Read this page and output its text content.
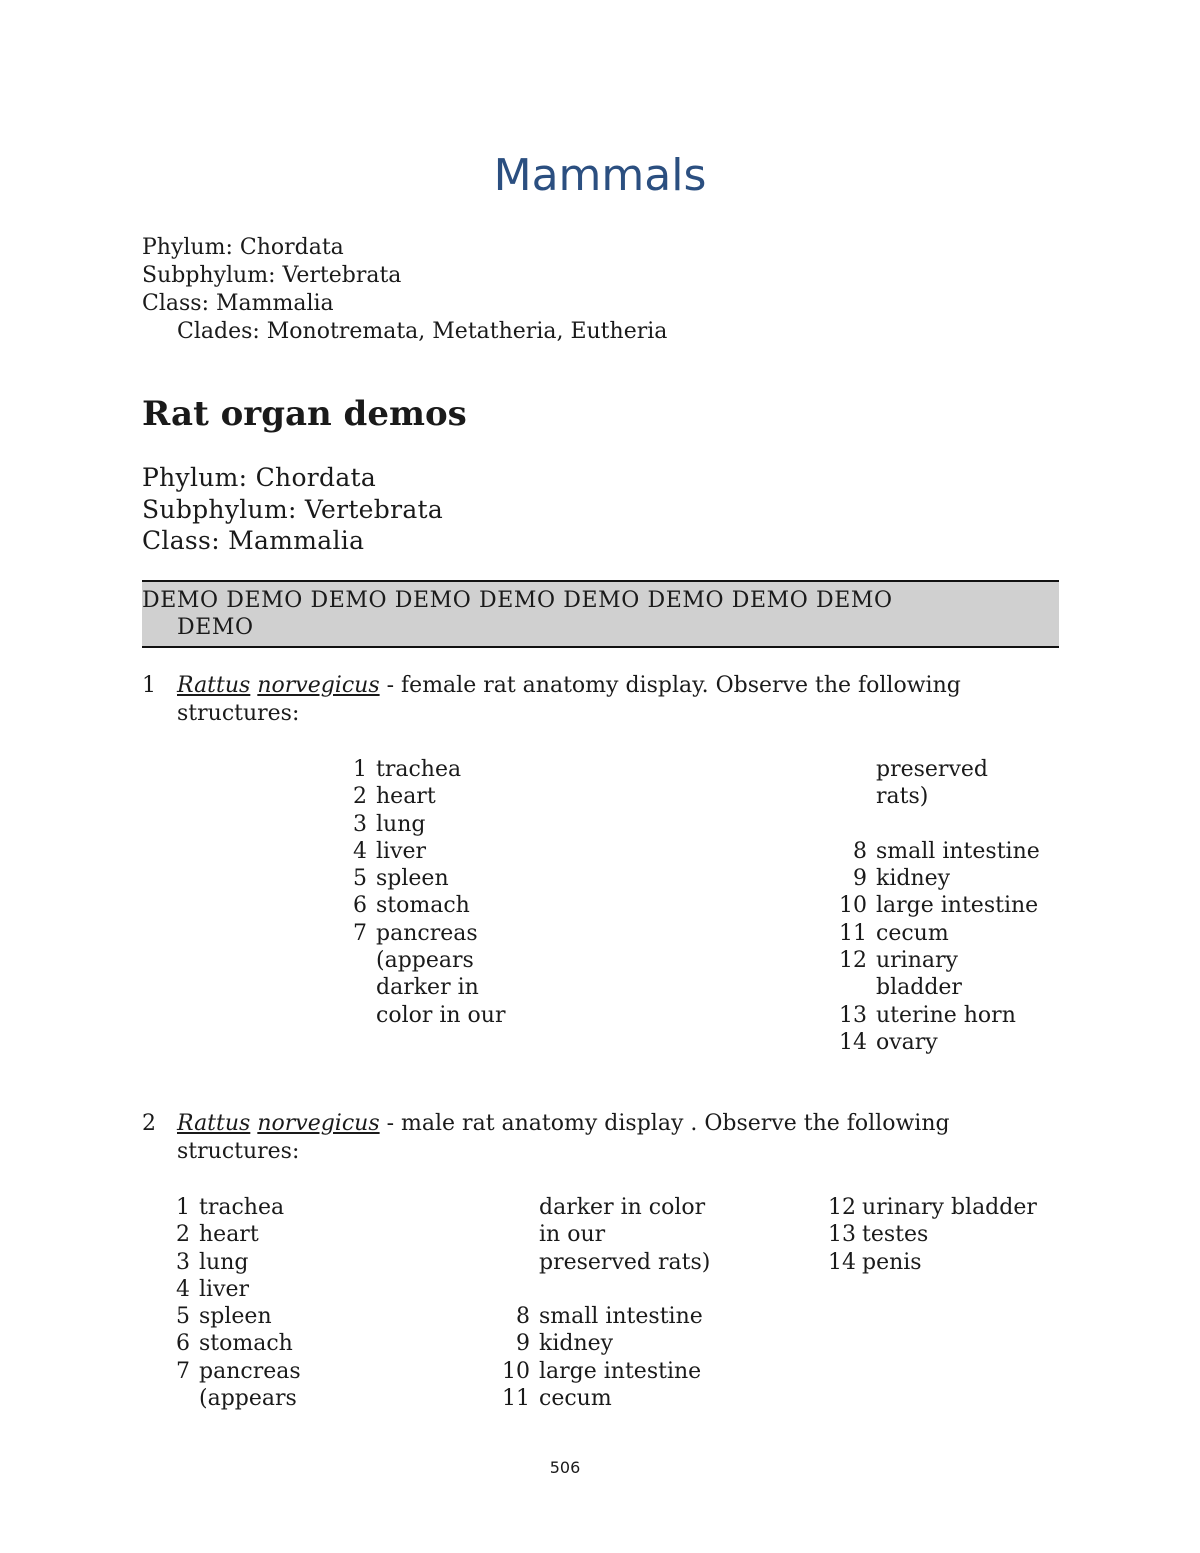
Mammals
Phylum: Chordata
Subphylum: Vertebrata
Class: Mammalia
Clades: Monotremata, Metatheria, Eutheria
Rat organ demos
Phylum: Chordata
Subphylum: Vertebrata
Class: Mammalia
DEMO DEMO DEMO DEMO DEMO DEMO DEMO DEMO DEMO
DEMO
1 Rattus norvegicus - female rat anatomy display. Observe the following
structures:
1 trachea
2 heart
3 lung
4 liver
5 spleen
6 stomach
7 pancreas
(appears
darker in
color in our
preserved
rats)
8 small intestine
9 kidney
10 large intestine
11 cecum
12 urinary
bladder
13 uterine horn
14 ovary
2 Rattus norvegicus - male rat anatomy display . Observe the following
structures:
1 trachea
2 heart
3 lung
4 liver
5 spleen
6 stomach
7 pancreas
(appears
darker in color
in our
preserved rats)
8 small intestine
9 kidney
10 large intestine
11 cecum
12 urinary bladder
13 testes
14 penis
506
